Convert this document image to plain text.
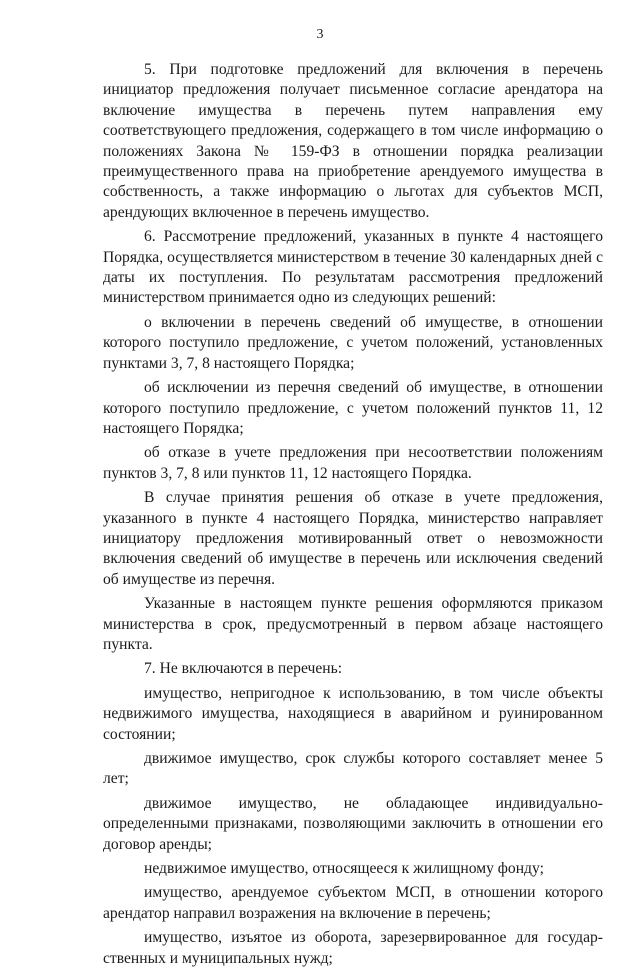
3

5. При подготовке предложений для включения в перечень инициатор предложения получает письменное согласие арендатора на включение имущества в перечень путем направления ему соответствующего предложения, содержащего в том числе информацию о положениях Закона № 159-ФЗ в отношении порядка реализации преимущественного права на приобретение арендуемого имущества в собственность, а также информацию о льготах для субъектов МСП, арендующих включенное в перечень имущество.

6. Рассмотрение предложений, указанных в пункте 4 настоящего Порядка, осуществляется министерством в течение 30 календарных дней с даты их поступления. По результатам рассмотрения предложений министерством принимается одно из следующих решений:

о включении в перечень сведений об имуществе, в отношении которого поступило предложение, с учетом положений, установленных пунктами 3, 7, 8 настоящего Порядка;

об исключении из перечня сведений об имуществе, в отношении которого поступило предложение, с учетом положений пунктов 11, 12 настоящего Порядка;

об отказе в учете предложения при несоответствии положениям пунктов 3, 7, 8 или пунктов 11, 12 настоящего Порядка.

В случае принятия решения об отказе в учете предложения, указанного в пункте 4 настоящего Порядка, министерство направляет инициатору предложения мотивированный ответ о невозможности включения сведений об имуществе в перечень или исключения сведений об имуществе из перечня.

Указанные в настоящем пункте решения оформляются приказом министерства в срок, предусмотренный в первом абзаце настоящего пункта.

7. Не включаются в перечень:

имущество, непригодное к использованию, в том числе объекты недвижимого имущества, находящиеся в аварийном и руинированном состоянии;

движимое имущество, срок службы которого составляет менее 5 лет;

движимое имущество, не обладающее индивидуально-определенными признаками, позволяющими заключить в отношении его договор аренды;

недвижимое имущество, относящееся к жилищному фонду;

имущество, арендуемое субъектом МСП, в отношении которого арендатор направил возражения на включение в перечень;

имущество, изъятое из оборота, зарезервированное для государ-ственных и муниципальных нужд;
